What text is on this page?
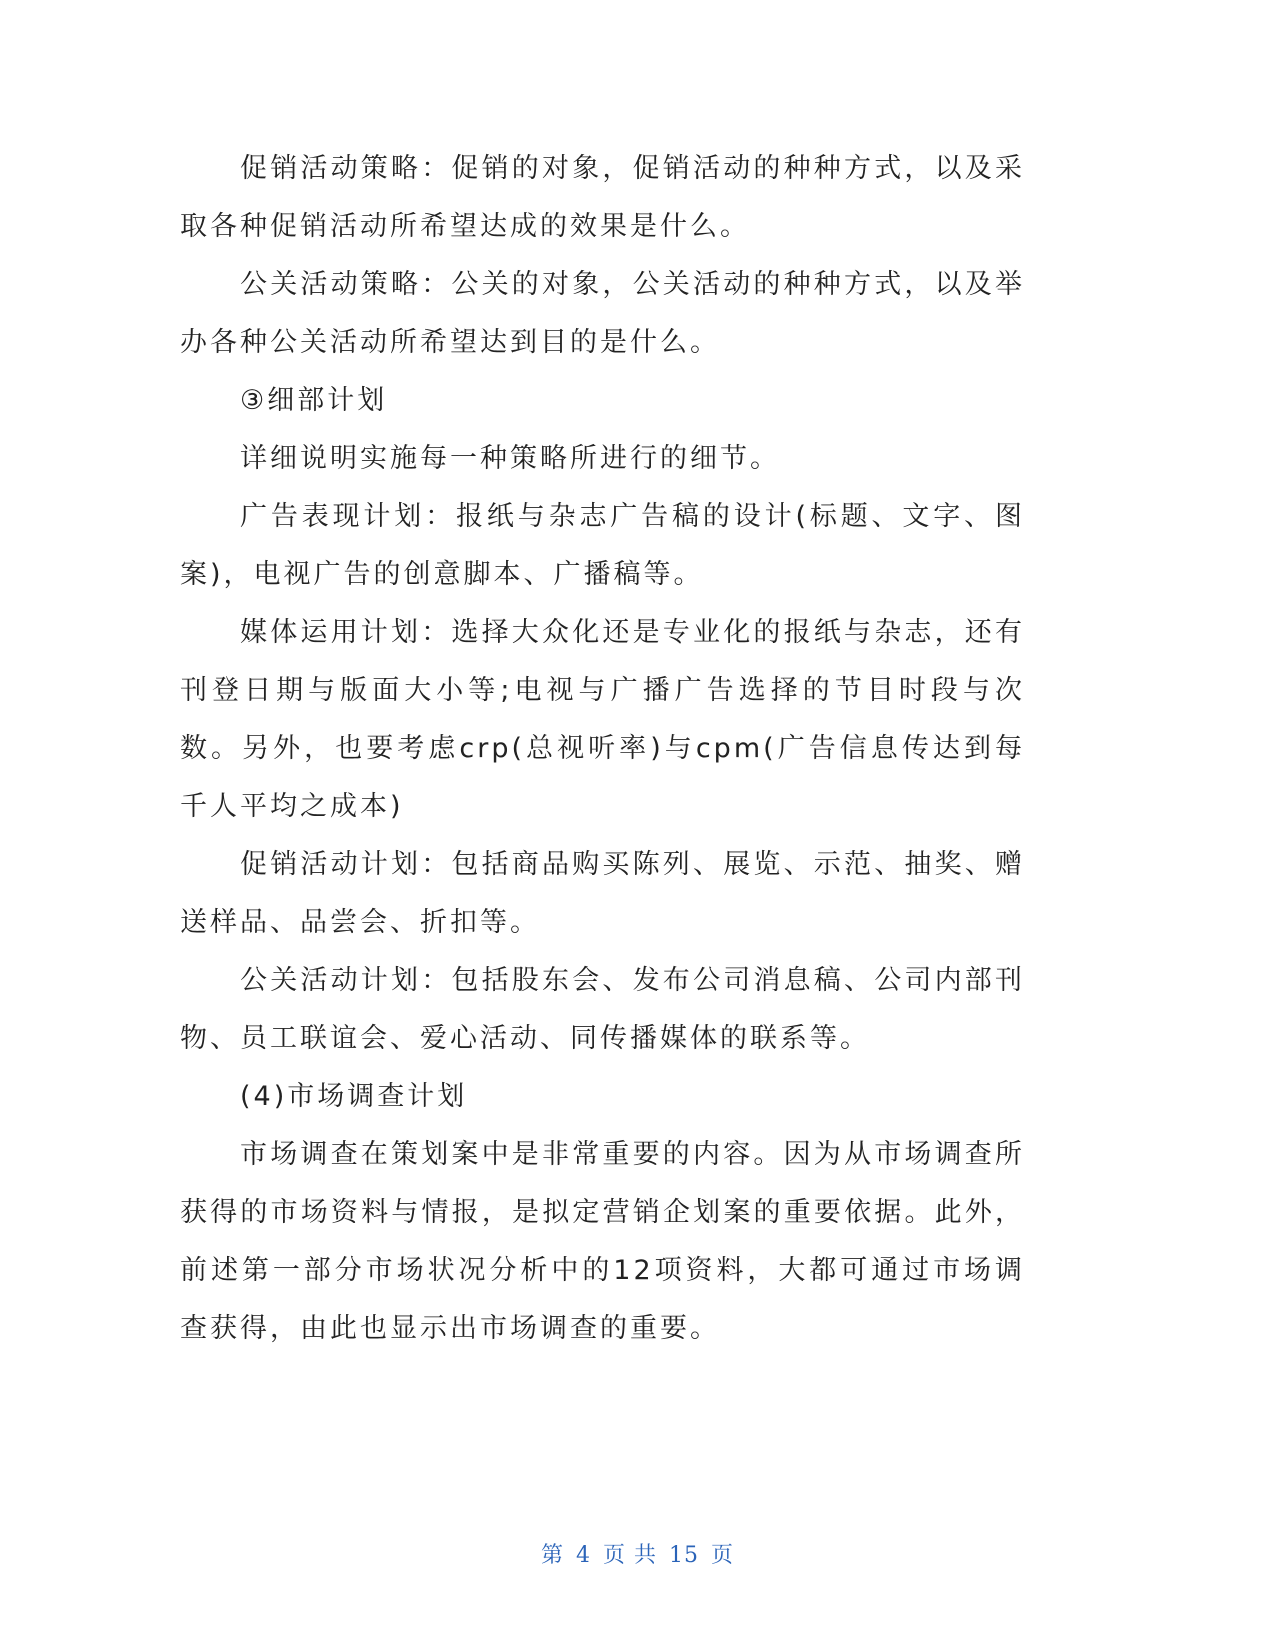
促销活动策略：促销的对象，促销活动的种种方式，以及采取各种促销活动所希望达成的效果是什么。

公关活动策略：公关的对象，公关活动的种种方式，以及举办各种公关活动所希望达到目的是什么。

③细部计划

详细说明实施每一种策略所进行的细节。

广告表现计划：报纸与杂志广告稿的设计(标题、文字、图案)，电视广告的创意脚本、广播稿等。

媒体运用计划：选择大众化还是专业化的报纸与杂志，还有刊登日期与版面大小等;电视与广播广告选择的节目时段与次数。另外，也要考虑crp(总视听率)与cpm(广告信息传达到每千人平均之成本)

促销活动计划：包括商品购买陈列、展览、示范、抽奖、赠送样品、品尝会、折扣等。

公关活动计划：包括股东会、发布公司消息稿、公司内部刊物、员工联谊会、爱心活动、同传播媒体的联系等。

(4)市场调查计划

市场调查在策划案中是非常重要的内容。因为从市场调查所获得的市场资料与情报，是拟定营销企划案的重要依据。此外，前述第一部分市场状况分析中的12项资料，大都可通过市场调查获得，由此也显示出市场调查的重要。

第 4 页 共 15 页
